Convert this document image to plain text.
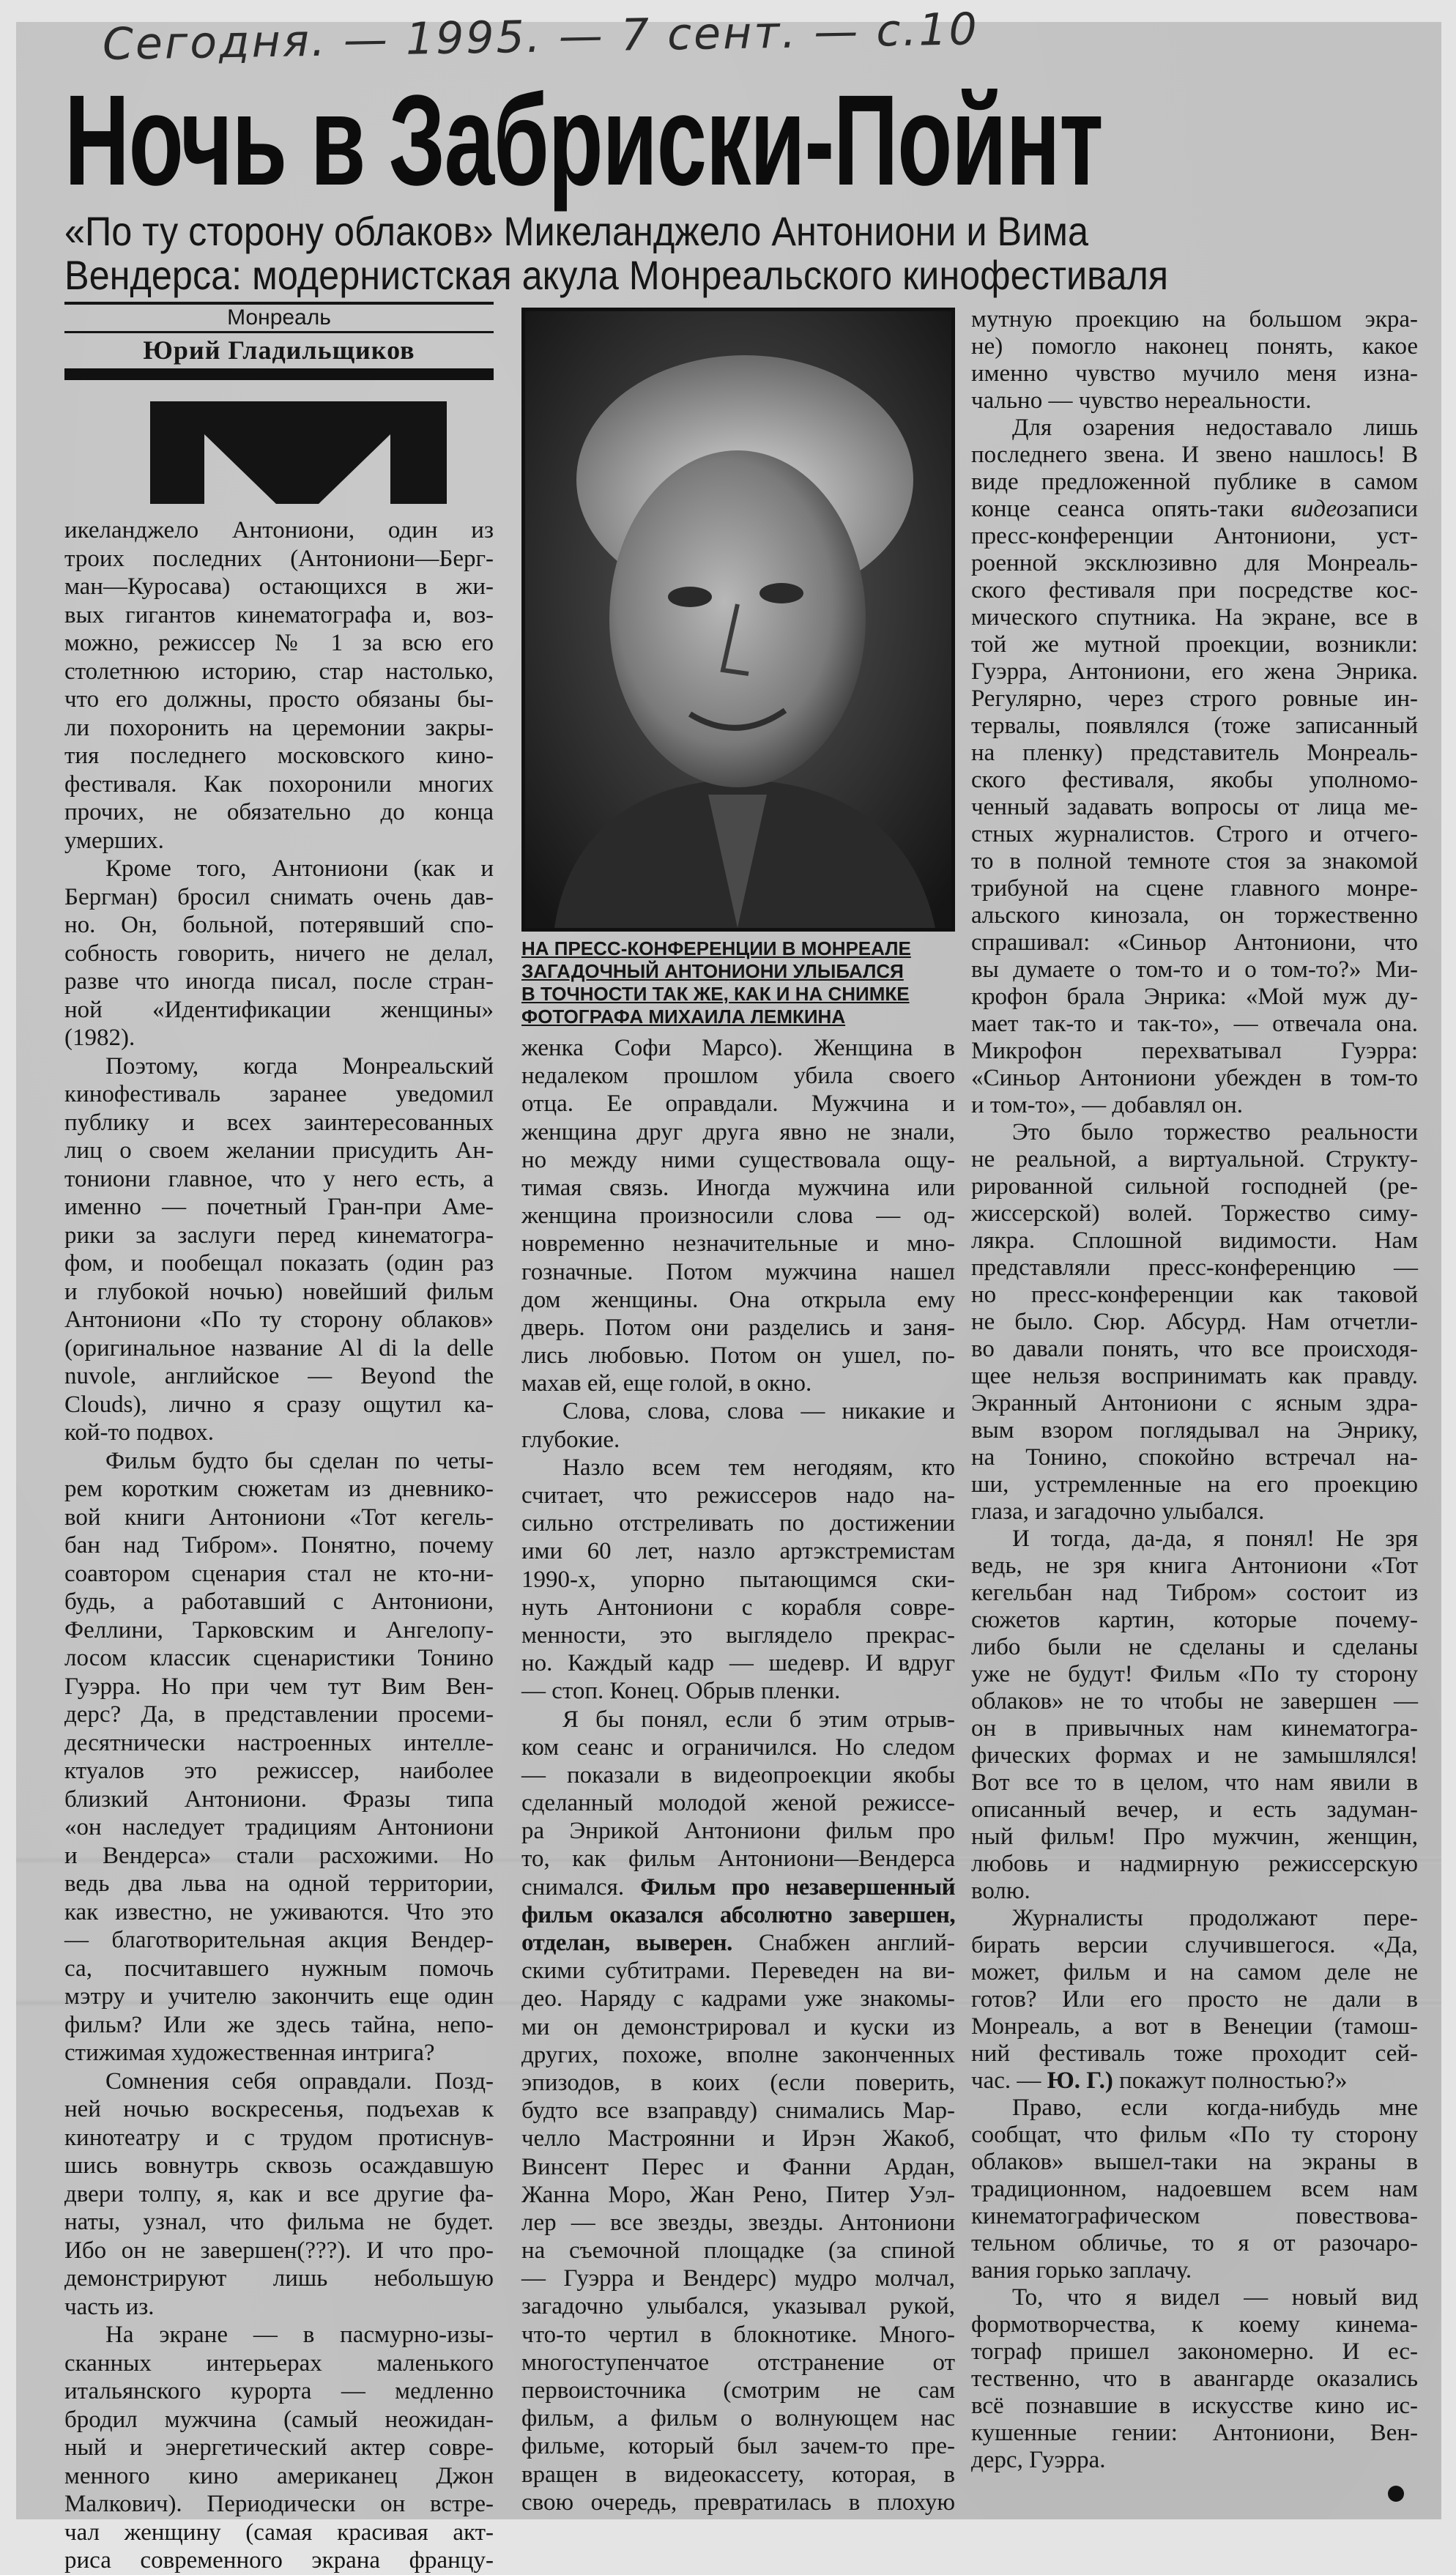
Сегодня. — 1995. — 7 сент. — с.10
Ночь в Забриски-Пойнт
«По ту сторону облаков» Микеланджело Антониони и Вима
Вендерса: модернистская акула Монреальского кинофестиваля
Монреаль
Юрий Гладильщиков
НА ПРЕСС-КОНФЕРЕНЦИИ В МОНРЕАЛЕ
ЗАГАДОЧНЫЙ АНТОНИОНИ УЛЫБАЛСЯ
В ТОЧНОСТИ ТАК ЖЕ, КАК И НА СНИМКЕ
ФОТОГРАФА МИХАИЛА ЛЕМКИНА
икеланджело Антониони, один из
троих последних (Антониони—Берг-
ман—Куросава) остающихся в жи-
вых гигантов кинематографа и, воз-
можно, режиссер № 1 за всю его
столетнюю историю, стар настолько,
что его должны, просто обязаны бы-
ли похоронить на церемонии закры-
тия последнего московского кино-
фестиваля. Как похоронили многих
прочих, не обязательно до конца
умерших.
Кроме того, Антониони (как и
Бергман) бросил снимать очень дав-
но. Он, больной, потерявший спо-
собность говорить, ничего не делал,
разве что иногда писал, после стран-
ной «Идентификации женщины»
(1982).
Поэтому, когда Монреальский
кинофестиваль заранее уведомил
публику и всех заинтересованных
лиц о своем желании присудить Ан-
тониони главное, что у него есть, а
именно — почетный Гран-при Аме-
рики за заслуги перед кинематогра-
фом, и пообещал показать (один раз
и глубокой ночью) новейший фильм
Антониони «По ту сторону облаков»
(оригинальное название Al di la delle
nuvole, английское — Beyond the
Clouds), лично я сразу ощутил ка-
кой-то подвох.
Фильм будто бы сделан по четы-
рем коротким сюжетам из дневнико-
вой книги Антониони «Тот кегель-
бан над Тибром». Понятно, почему
соавтором сценария стал не кто-ни-
будь, а работавший с Антониони,
Феллини, Тарковским и Ангелопу-
лосом классик сценаристики Тонино
Гуэрра. Но при чем тут Вим Вен-
дерс? Да, в представлении просеми-
десятнически настроенных интелле-
ктуалов это режиссер, наиболее
близкий Антониони. Фразы типа
«он наследует традициям Антониони
и Вендерса» стали расхожими. Но
ведь два льва на одной территории,
как известно, не уживаются. Что это
— благотворительная акция Вендер-
са, посчитавшего нужным помочь
мэтру и учителю закончить еще один
фильм? Или же здесь тайна, непо-
стижимая художественная интрига?
Сомнения себя оправдали. Позд-
ней ночью воскресенья, подъехав к
кинотеатру и с трудом протиснув-
шись вовнутрь сквозь осаждавшую
двери толпу, я, как и все другие фа-
наты, узнал, что фильма не будет.
Ибо он не завершен(???). И что про-
демонстрируют лишь небольшую
часть из.
На экране — в пасмурно-изы-
сканных интерьерах маленького
итальянского курорта — медленно
бродил мужчина (самый неожидан-
ный и энергетический актер совре-
менного кино американец Джон
Малкович). Периодически он встре-
чал женщину (самая красивая акт-
риса современного экрана францу-
женка Софи Марсо). Женщина в
недалеком прошлом убила своего
отца. Ее оправдали. Мужчина и
женщина друг друга явно не знали,
но между ними существовала ощу-
тимая связь. Иногда мужчина или
женщина произносили слова — од-
новременно незначительные и мно-
гозначные. Потом мужчина нашел
дом женщины. Она открыла ему
дверь. Потом они разделись и заня-
лись любовью. Потом он ушел, по-
махав ей, еще голой, в окно.
Слова, слова, слова — никакие и
глубокие.
Назло всем тем негодяям, кто
считает, что режиссеров надо на-
сильно отстреливать по достижении
ими 60 лет, назло артэкстремистам
1990-х, упорно пытающимся ски-
нуть Антониони с корабля совре-
менности, это выглядело прекрас-
но. Каждый кадр — шедевр. И вдруг
— стоп. Конец. Обрыв пленки.
Я бы понял, если б этим отрыв-
ком сеанс и ограничился. Но следом
— показали в видеопроекции якобы
сделанный молодой женой режиссе-
ра Энрикой Антониони фильм про
то, как фильм Антониони—Вендерса
снимался. Фильм про незавершенный
фильм оказался абсолютно завершен,
отделан, выверен. Снабжен англий-
скими субтитрами. Переведен на ви-
део. Наряду с кадрами уже знакомы-
ми он демонстрировал и куски из
других, похоже, вполне законченных
эпизодов, в коих (если поверить,
будто все взаправду) снимались Мар-
челло Мастроянни и Ирэн Жакоб,
Винсент Перес и Фанни Ардан,
Жанна Моро, Жан Рено, Питер Уэл-
лер — все звезды, звезды. Антониони
на съемочной площадке (за спиной
— Гуэрра и Вендерс) мудро молчал,
загадочно улыбался, указывал рукой,
что-то чертил в блокнотике. Много-
многоступенчатое отстранение от
первоисточника (смотрим не сам
фильм, а фильм о волнующем нас
фильме, который был зачем-то пре-
вращен в видеокассету, которая, в
свою очередь, превратилась в плохую
мутную проекцию на большом экра-
не) помогло наконец понять, какое
именно чувство мучило меня изна-
чально — чувство нереальности.
Для озарения недоставало лишь
последнего звена. И звено нашлось! В
виде предложенной публике в самом
конце сеанса опять-таки видеозаписи
пресс-конференции Антониони, уст-
роенной эксклюзивно для Монреаль-
ского фестиваля при посредстве кос-
мического спутника. На экране, все в
той же мутной проекции, возникли:
Гуэрра, Антониони, его жена Энрика.
Регулярно, через строго ровные ин-
тервалы, появлялся (тоже записанный
на пленку) представитель Монреаль-
ского фестиваля, якобы уполномо-
ченный задавать вопросы от лица ме-
стных журналистов. Строго и отчего-
то в полной темноте стоя за знакомой
трибуной на сцене главного монре-
альского кинозала, он торжественно
спрашивал: «Синьор Антониони, что
вы думаете о том-то и о том-то?» Ми-
крофон брала Энрика: «Мой муж ду-
мает так-то и так-то», — отвечала она.
Микрофон перехватывал Гуэрра:
«Синьор Антониони убежден в том-то
и том-то», — добавлял он.
Это было торжество реальности
не реальной, а виртуальной. Структу-
рированной сильной господней (ре-
жиссерской) волей. Торжество симу-
лякра. Сплошной видимости. Нам
представляли пресс-конференцию —
но пресс-конференции как таковой
не было. Сюр. Абсурд. Нам отчетли-
во давали понять, что все происходя-
щее нельзя воспринимать как правду.
Экранный Антониони с ясным здра-
вым взором поглядывал на Энрику,
на Тонино, спокойно встречал на-
ши, устремленные на его проекцию
глаза, и загадочно улыбался.
И тогда, да-да, я понял! Не зря
ведь, не зря книга Антониони «Тот
кегельбан над Тибром» состоит из
сюжетов картин, которые почему-
либо были не сделаны и сделаны
уже не будут! Фильм «По ту сторону
облаков» не то чтобы не завершен —
он в привычных нам кинематогра-
фических формах и не замышлялся!
Вот все то в целом, что нам явили в
описанный вечер, и есть задуман-
ный фильм! Про мужчин, женщин,
любовь и надмирную режиссерскую
волю.
Журналисты продолжают пере-
бирать версии случившегося. «Да,
может, фильм и на самом деле не
готов? Или его просто не дали в
Монреаль, а вот в Венеции (тамош-
ний фестиваль тоже проходит сей-
час. — Ю. Г.) покажут полностью?»
Право, если когда-нибудь мне
сообщат, что фильм «По ту сторону
облаков» вышел-таки на экраны в
традиционном, надоевшем всем нам
кинематографическом повествова-
тельном обличье, то я от разочаро-
вания горько заплачу.
То, что я видел — новый вид
формотворчества, к коему кинема-
тограф пришел закономерно. И ес-
тественно, что в авангарде оказались
всё познавшие в искусстве кино ис-
кушенные гении: Антониони, Вен-
дерс, Гуэрра.
